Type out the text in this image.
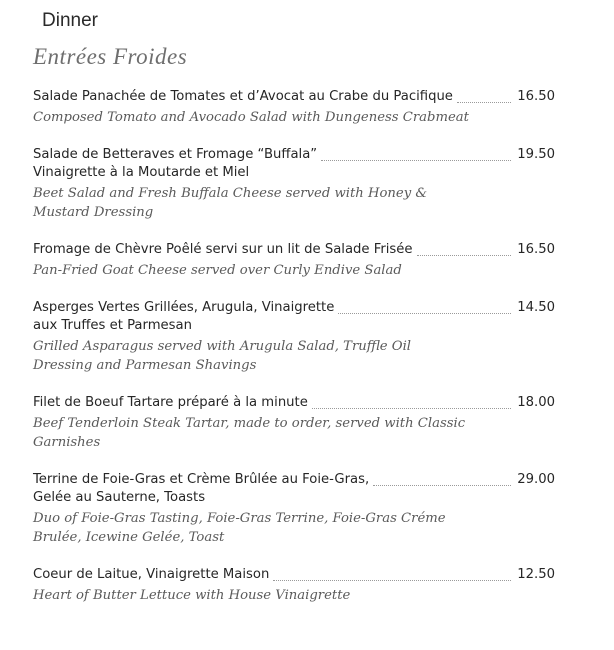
Dinner
Entrées Froides
Salade Panachée de Tomates et d’Avocat au Crabe du Pacifique	16.50
Composed Tomato and Avocado Salad with Dungeness Crabmeat
Salade de Betteraves et Fromage “Buffala”	19.50
Vinaigrette à la Moutarde et Miel
Beet Salad and Fresh Buffala Cheese served with Honey & Mustard Dressing
Fromage de Chèvre Poêlé servi sur un lit de Salade Frisée	16.50
Pan-Fried Goat Cheese served over Curly Endive Salad
Asperges Vertes Grillées, Arugula, Vinaigrette	14.50
aux Truffes et Parmesan
Grilled Asparagus served with Arugula Salad, Truffle Oil Dressing and Parmesan Shavings
Filet de Boeuf Tartare préparé à la minute	18.00
Beef Tenderloin Steak Tartar, made to order, served with Classic Garnishes
Terrine de Foie-Gras et Crème Brûlée au Foie-Gras,	29.00
Gelée au Sauterne, Toasts
Duo of Foie-Gras Tasting, Foie-Gras Terrine, Foie-Gras Créme Brulée, Icewine Gelée, Toast
Coeur de Laitue, Vinaigrette Maison	12.50
Heart of Butter Lettuce with House Vinaigrette
